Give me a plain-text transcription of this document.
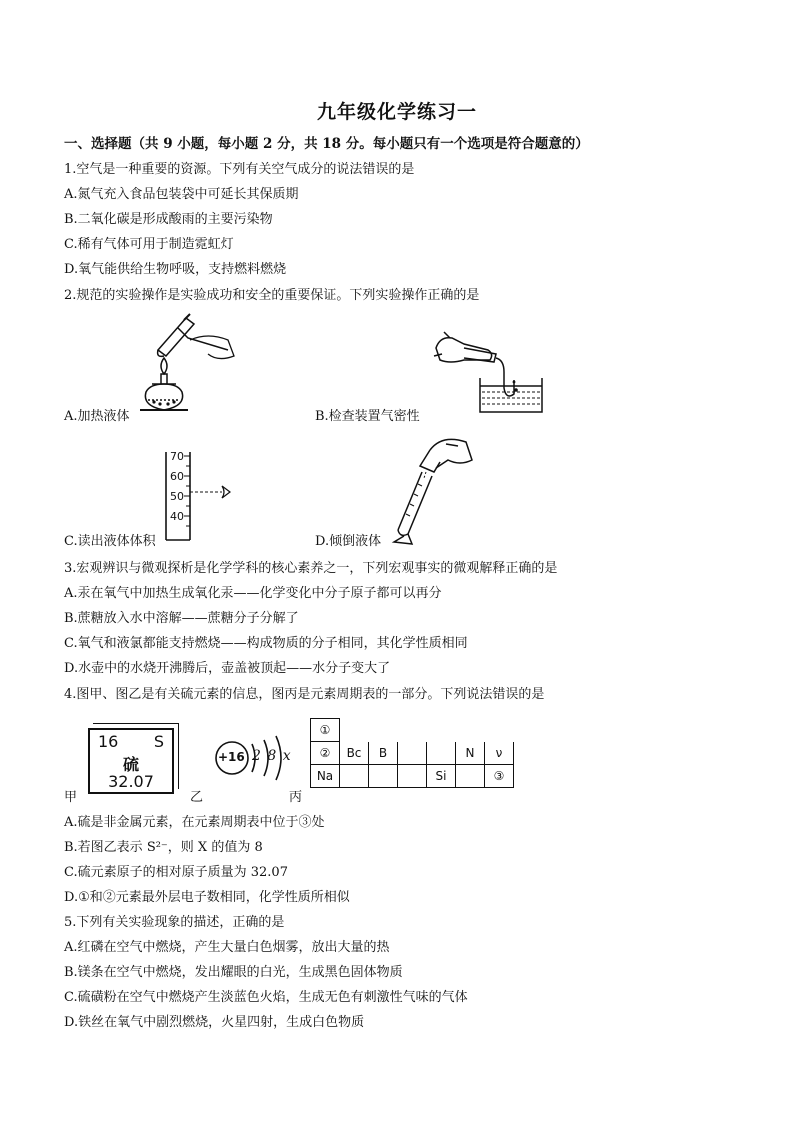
九年级化学练习一
一、选择题（共 9 小题，每小题 2 分，共 18 分。每小题只有一个选项是符合题意的）
1.空气是一种重要的资源。下列有关空气成分的说法错误的是
A.氮气充入食品包装袋中可延长其保质期
B.二氧化碳是形成酸雨的主要污染物
C.稀有气体可用于制造霓虹灯
D.氧气能供给生物呼吸，支持燃料燃烧
2.规范的实验操作是实验成功和安全的重要保证。下列实验操作正确的是
A.加热液体	B.检查装置气密性
70
60
50
40
C.读出液体体积	D.倾倒液体
3.宏观辨识与微观探析是化学学科的核心素养之一，下列宏观事实的微观解释正确的是
A.汞在氧气中加热生成氧化汞——化学变化中分子原子都可以再分
B.蔗糖放入水中溶解——蔗糖分子分解了
C.氧气和液氯都能支持燃烧——构成物质的分子相同，其化学性质相同
D.水壶中的水烧开沸腾后，壶盖被顶起——水分子变大了
4.图甲、图乙是有关硫元素的信息，图丙是元素周期表的一部分。下列说法错误的是
16 S
硫
32.07
甲
+16 2 8 x
乙
①						
②	Bc	B			N	ν
Na				Si		③
丙
A.硫是非金属元素，在元素周期表中位于③处
B.若图乙表示 S²⁻，则 X 的值为 8
C.硫元素原子的相对原子质量为 32.07
D.①和②元素最外层电子数相同，化学性质所相似
5.下列有关实验现象的描述，正确的是
A.红磷在空气中燃烧，产生大量白色烟雾，放出大量的热
B.镁条在空气中燃烧，发出耀眼的白光，生成黑色固体物质
C.硫磺粉在空气中燃烧产生淡蓝色火焰，生成无色有刺激性气味的气体
D.铁丝在氧气中剧烈燃烧，火星四射，生成白色物质
